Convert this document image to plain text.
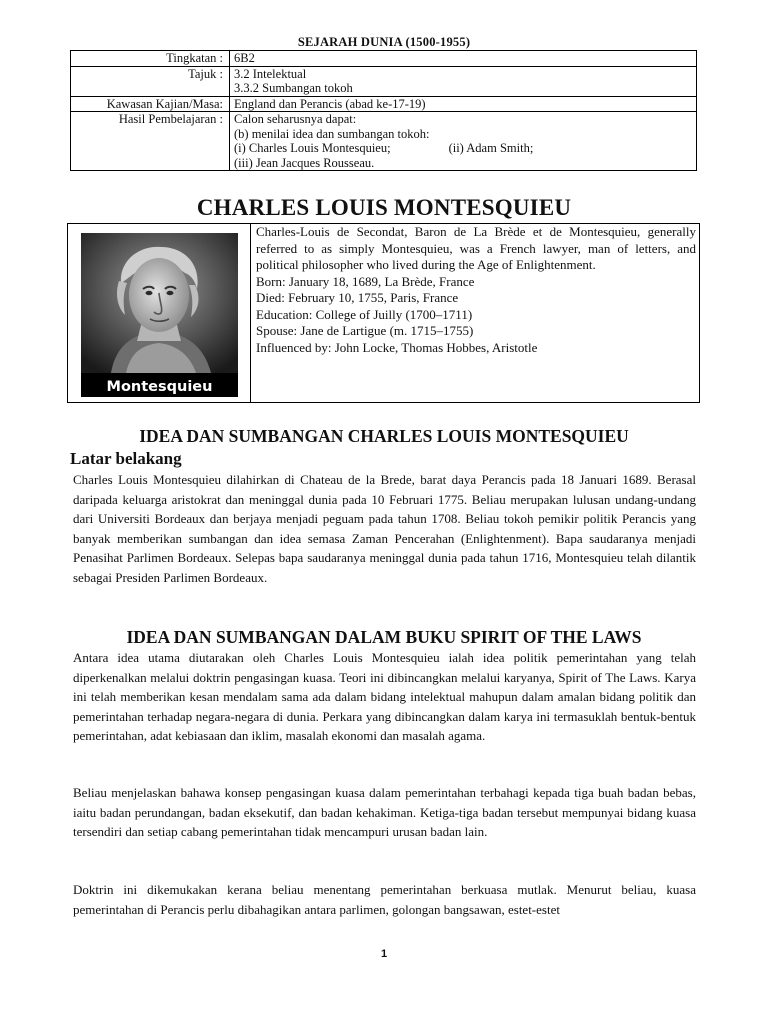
SEJARAH DUNIA (1500-1955)
Tingkatan :	6B2
Tajuk :	3.2 Intelektual
3.3.2 Sumbangan tokoh

Kawasan Kajian/Masa:	England dan Perancis (abad ke-17-19)
Hasil Pembelajaran :	Calon seharusnya dapat:
(b) menilai idea dan sumbangan tokoh:
(i) Charles Louis Montesquieu; (ii) Adam Smith;
(iii) Jean Jacques Rousseau.
CHARLES LOUIS MONTESQUIEU
Montesquieu

Charles-Louis de Secondat, Baron de La Brède et de Montesquieu, generally referred to as simply Montesquieu, was a French lawyer, man of letters, and political philosopher who lived during the Age of Enlightenment.

Born: January 18, 1689, La Brède, France

Died: February 10, 1755, Paris, France

Education: College of Juilly (1700–1711)

Spouse: Jane de Lartigue (m. 1715–1755)

Influenced by: John Locke, Thomas Hobbes, Aristotle

IDEA DAN SUMBANGAN CHARLES LOUIS MONTESQUIEU
Latar belakang

Charles Louis Montesquieu dilahirkan di Chateau de la Brede, barat daya Perancis pada 18 Januari 1689. Berasal daripada keluarga aristokrat dan meninggal dunia pada 10 Februari 1775. Beliau merupakan lulusan undang-undang dari Universiti Bordeaux dan berjaya menjadi peguam pada tahun 1708. Beliau tokoh pemikir politik Perancis yang banyak memberikan sumbangan dan idea semasa Zaman Pencerahan (Enlightenment). Bapa saudaranya menjadi Penasihat Parlimen Bordeaux. Selepas bapa saudaranya meninggal dunia pada tahun 1716, Montesquieu telah dilantik sebagai Presiden Parlimen Bordeaux.

IDEA DAN SUMBANGAN DALAM BUKU SPIRIT OF THE LAWS

Antara idea utama diutarakan oleh Charles Louis Montesquieu ialah idea politik pemerintahan yang telah diperkenalkan melalui doktrin pengasingan kuasa. Teori ini dibincangkan melalui karyanya, Spirit of The Laws. Karya ini telah memberikan kesan mendalam sama ada dalam bidang intelektual mahupun dalam amalan bidang politik dan pemerintahan terhadap negara-negara di dunia. Perkara yang dibincangkan dalam karya ini termasuklah bentuk-bentuk pemerintahan, adat kebiasaan dan iklim, masalah ekonomi dan masalah agama.

Beliau menjelaskan bahawa konsep pengasingan kuasa dalam pemerintahan terbahagi kepada tiga buah badan bebas, iaitu badan perundangan, badan eksekutif, dan badan kehakiman. Ketiga-tiga badan tersebut mempunyai bidang kuasa tersendiri dan setiap cabang pemerintahan tidak mencampuri urusan badan lain.

Doktrin ini dikemukakan kerana beliau menentang pemerintahan berkuasa mutlak. Menurut beliau, kuasa pemerintahan di Perancis perlu dibahagikan antara parlimen, golongan bangsawan, estet-estet

1
